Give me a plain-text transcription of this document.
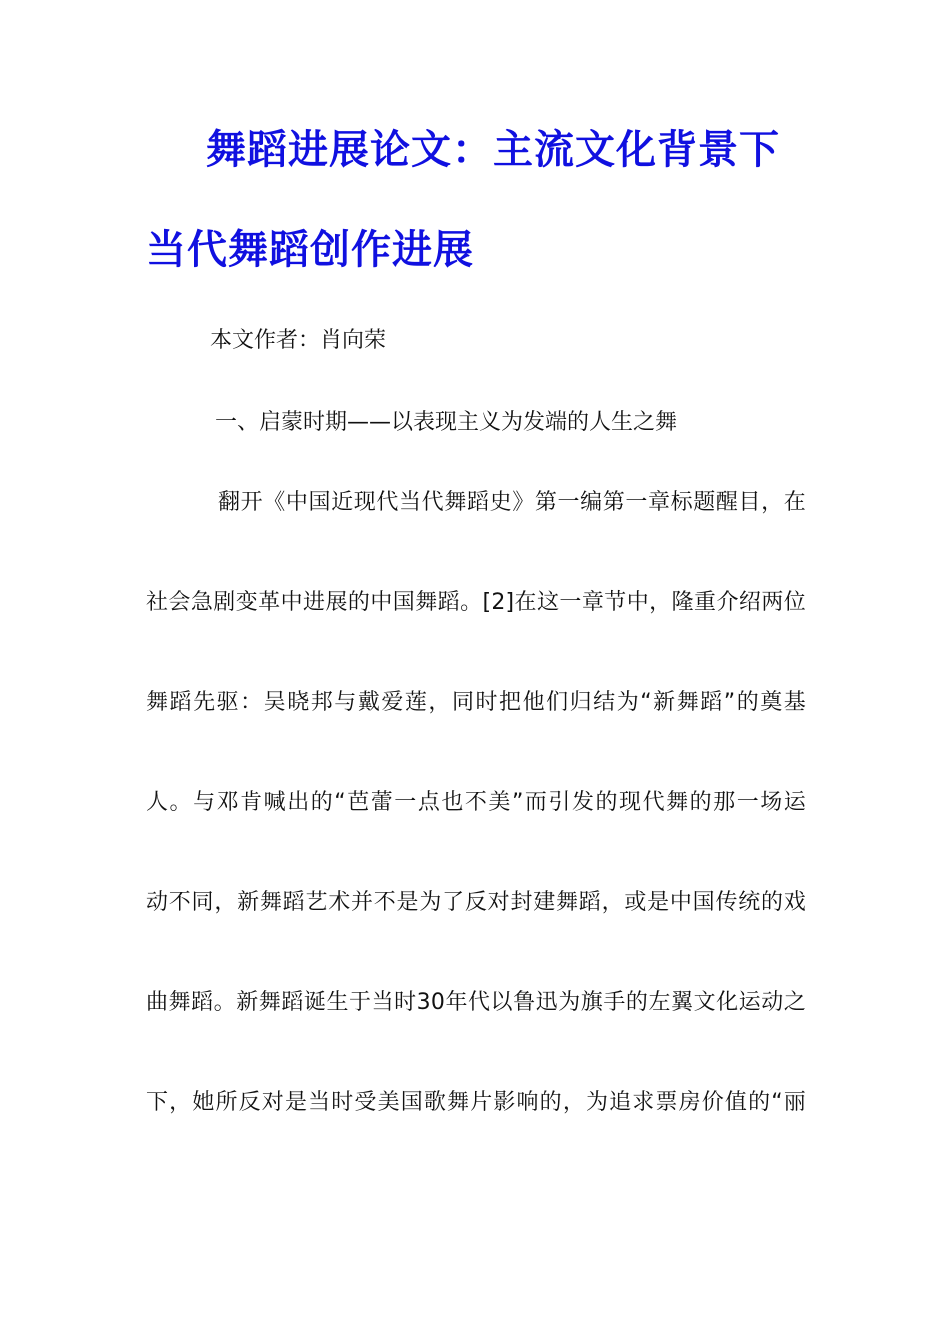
舞蹈进展论文：主流文化背景下
当代舞蹈创作进展
本文作者：肖向荣
一、启蒙时期——以表现主义为发端的人生之舞
翻开《中国近现代当代舞蹈史》第一编第一章标题醒目，在
社会急剧变革中进展的中国舞蹈。[2]在这一章节中，隆重介绍两位
舞蹈先驱：吴晓邦与戴爱莲，同时把他们归结为“新舞蹈”的奠基
人。与邓肯喊出的“芭蕾一点也不美”而引发的现代舞的那一场运
动不同，新舞蹈艺术并不是为了反对封建舞蹈，或是中国传统的戏
曲舞蹈。新舞蹈诞生于当时30年代以鲁迅为旗手的左翼文化运动之
下，她所反对是当时受美国歌舞片影响的，为追求票房价值的“丽
